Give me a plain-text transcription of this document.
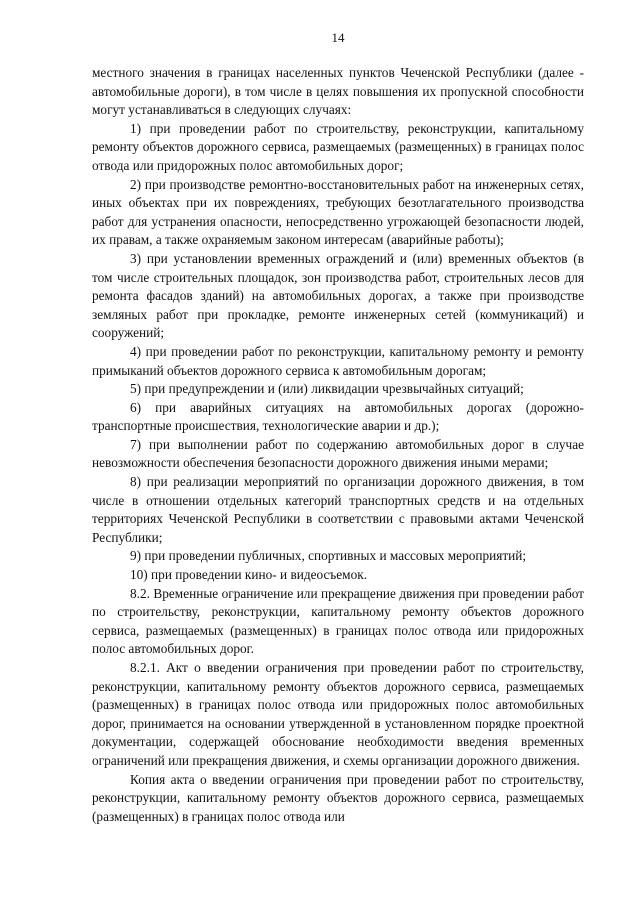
14

местного значения в границах населенных пунктов Чеченской Республики (далее - автомобильные дороги), в том числе в целях повышения их пропускной способности могут устанавливаться в следующих случаях:

1) при проведении работ по строительству, реконструкции, капитальному ремонту объектов дорожного сервиса, размещаемых (размещенных) в границах полос отвода или придорожных полос автомобильных дорог;

2) при производстве ремонтно-восстановительных работ на инженерных сетях, иных объектах при их повреждениях, требующих безотлагательного производства работ для устранения опасности, непосредственно угрожающей безопасности людей, их правам, а также охраняемым законом интересам (аварийные работы);

3) при установлении временных ограждений и (или) временных объектов (в том числе строительных площадок, зон производства работ, строительных лесов для ремонта фасадов зданий) на автомобильных дорогах, а также при производстве земляных работ при прокладке, ремонте инженерных сетей (коммуникаций) и сооружений;

4) при проведении работ по реконструкции, капитальному ремонту и ремонту примыканий объектов дорожного сервиса к автомобильным дорогам;

5) при предупреждении и (или) ликвидации чрезвычайных ситуаций;

6) при аварийных ситуациях на автомобильных дорогах (дорожно-транспортные происшествия, технологические аварии и др.);

7) при выполнении работ по содержанию автомобильных дорог в случае невозможности обеспечения безопасности дорожного движения иными мерами;

8) при реализации мероприятий по организации дорожного движения, в том числе в отношении отдельных категорий транспортных средств и на отдельных территориях Чеченской Республики в соответствии с правовыми актами Чеченской Республики;

9) при проведении публичных, спортивных и массовых мероприятий;

10) при проведении кино- и видеосъемок.

8.2. Временные ограничение или прекращение движения при проведении работ по строительству, реконструкции, капитальному ремонту объектов дорожного сервиса, размещаемых (размещенных) в границах полос отвода или придорожных полос автомобильных дорог.

8.2.1. Акт о введении ограничения при проведении работ по строительству, реконструкции, капитальному ремонту объектов дорожного сервиса, размещаемых (размещенных) в границах полос отвода или придорожных полос автомобильных дорог, принимается на основании утвержденной в установленном порядке проектной документации, содержащей обоснование необходимости введения временных ограничений или прекращения движения, и схемы организации дорожного движения.

Копия акта о введении ограничения при проведении работ по строительству, реконструкции, капитальному ремонту объектов дорожного сервиса, размещаемых (размещенных) в границах полос отвода или
